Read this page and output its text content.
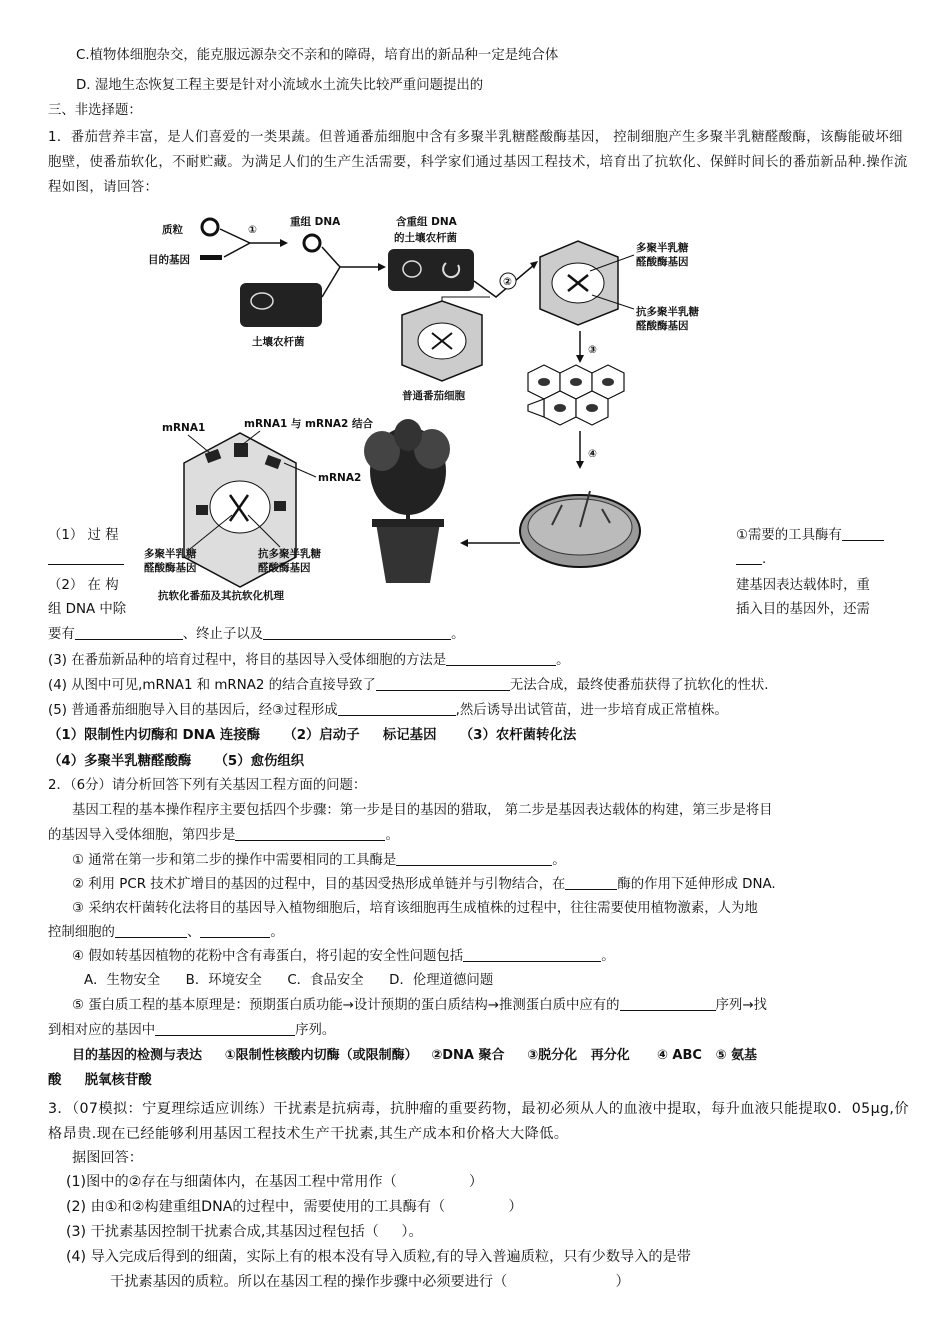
C.植物体细胞杂交，能克服远源杂交不亲和的障碍，培育出的新品种一定是纯合体
D. 湿地生态恢复工程主要是针对小流域水土流失比较严重问题提出的
三、非选择题：
1．番茄营养丰富，是人们喜爱的一类果蔬。但普通番茄细胞中含有多聚半乳糖醛酸酶基因， 控制细胞产生多聚半乳糖醛酸酶，该酶能破坏细胞壁，使番茄软化，不耐贮藏。为满足人们的生产生活需要，科学家们通过基因工程技术，培育出了抗软化、保鲜时间长的番茄新品种.操作流程如图，请回答：
质粒	①
目的基因
重组 DNA
土壤农杆菌
含重组 DNA
的土壤农杆菌
②
普通番茄细胞
多聚半乳糖
醛酸酶基因
抗多聚半乳糖
醛酸酶基因
③
④
mRNA1	mRNA1 与 mRNA2 结合
mRNA2
多聚半乳糖
醛酸酶基因
抗多聚半乳糖
醛酸酶基因
抗软化番茄及其抗软化机理
（1） 过 程	①需要的工具酶有
.
（2） 在 构	建基因表达载体时，重
组 DNA 中除	插入目的基因外，还需
要有	、终止子以及	。
(3) 在番茄新品种的培育过程中，将目的基因导入受体细胞的方法是	。
(4) 从图中可见,mRNA1 和 mRNA2 的结合直接导致了	无法合成，最终使番茄获得了抗软化的性状.
(5) 普通番茄细胞导入目的基因后，经③过程形成	,然后诱导出试管苗，进一步培育成正常植株。
（1）限制性内切酶和 DNA 连接酶     （2）启动子     标记基因     （3）农杆菌转化法
（4）多聚半乳糖醛酸酶     （5）愈伤组织
2．（6分）请分析回答下列有关基因工程方面的问题：
基因工程的基本操作程序主要包括四个步骤：第一步是目的基因的猎取， 第二步是基因表达载体的构建，第三步是将目
的基因导入受体细胞，第四步是	。
① 通常在第一步和第二步的操作中需要相同的工具酶是	。
② 利用 PCR 技术扩增目的基因的过程中，目的基因受热形成单链并与引物结合，在	酶的作用下延伸形成 DNA.
③ 采纳农杆菌转化法将目的基因导入植物细胞后，培育该细胞再生成植株的过程中，往往需要使用植物激素，人为地
控制细胞的	、	。
④ 假如转基因植物的花粉中含有毒蛋白，将引起的安全性问题包括	。
A．生物安全      B．环境安全      C．食品安全      D．伦理道德问题
⑤ 蛋白质工程的基本原理是：预期蛋白质功能→设计预期的蛋白质结构→推测蛋白质中应有的	序列→找
到相对应的基因中	序列。
目的基因的检测与表达     ①限制性核酸内切酶（或限制酶）   ②DNA 聚合     ③脱分化   再分化      ④ ABC   ⑤ 氨基
酸     脱氧核苷酸
3．（07模拟：宁夏理综适应训练）干扰素是抗病毒，抗肿瘤的重要药物，最初必须从人的血液中提取，每升血液只能提取0．05μg,价格昂贵.现在已经能够利用基因工程技术生产干扰素,其生产成本和价格大大降低。
据图回答：
(1)图中的②存在与细菌体内，在基因工程中常用作（                ）
(2) 由①和②构建重组DNA的过程中，需要使用的工具酶有（              ）
(3) 干扰素基因控制干扰素合成,其基因过程包括（     ）。
(4) 导入完成后得到的细菌，实际上有的根本没有导入质粒,有的导入普遍质粒，只有少数导入的是带
干扰素基因的质粒。所以在基因工程的操作步骤中必须要进行（                        ）
